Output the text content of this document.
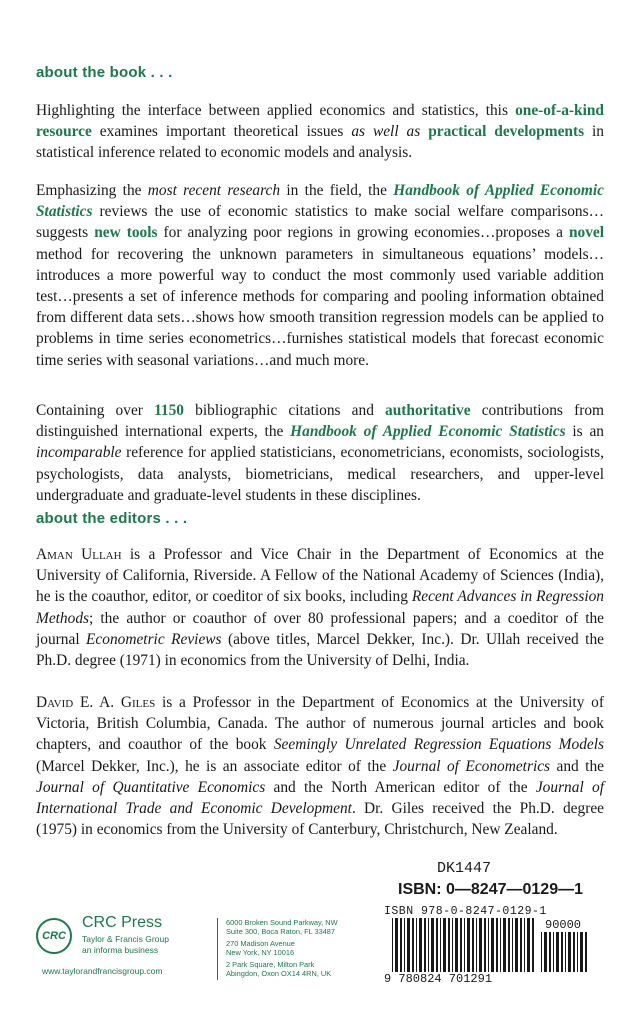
about the book . . .

Highlighting the interface between applied economics and statistics, this one-of-a-kind resource examines important theoretical issues as well as practical developments in statistical inference related to economic models and analysis.

Emphasizing the most recent research in the field, the Handbook of Applied Economic Statistics reviews the use of economic statistics to make social welfare comparisons…suggests new tools for analyzing poor regions in growing economies…proposes a novel method for recovering the unknown parameters in simultaneous equations’ models…introduces a more powerful way to conduct the most commonly used variable addition test…presents a set of inference methods for comparing and pooling information obtained from different data sets…shows how smooth transition regression models can be applied to problems in time series econometrics…furnishes statistical models that forecast economic time series with seasonal variations…and much more.

Containing over 1150 bibliographic citations and authoritative contributions from distinguished international experts, the Handbook of Applied Economic Statistics is an incomparable reference for applied statisticians, econometricians, economists, sociologists, psychologists, data analysts, biometricians, medical researchers, and upper-level undergraduate and graduate-level students in these disciplines.

about the editors . . .

Aman Ullah is a Professor and Vice Chair in the Department of Economics at the University of California, Riverside. A Fellow of the National Academy of Sciences (India), he is the coauthor, editor, or coeditor of six books, including Recent Advances in Regression Methods; the author or coauthor of over 80 professional papers; and a coeditor of the journal Econometric Reviews (above titles, Marcel Dekker, Inc.). Dr. Ullah received the Ph.D. degree (1971) in economics from the University of Delhi, India.

David E. A. Giles is a Professor in the Department of Economics at the University of Victoria, British Columbia, Canada. The author of numerous journal articles and book chapters, and coauthor of the book Seemingly Unrelated Regression Equations Models (Marcel Dekker, Inc.), he is an associate editor of the Journal of Econometrics and the Journal of Quantitative Economics and the North American editor of the Journal of International Trade and Economic Development. Dr. Giles received the Ph.D. degree (1975) in economics from the University of Canterbury, Christchurch, New Zealand.

CRC
CRC Press
Taylor & Francis Group
an informa business
www.taylorandfrancisgroup.com
6000 Broken Sound Parkway, NW
Suite 300, Boca Raton, FL 33487
270 Madison Avenue
New York, NY 10016
2 Park Square, Milton Park
Abingdon, Oxon OX14 4RN, UK
DK1447
ISBN: 0—8247—0129—1
ISBN 978-0-8247-0129-1
9 780824 701291
90000
